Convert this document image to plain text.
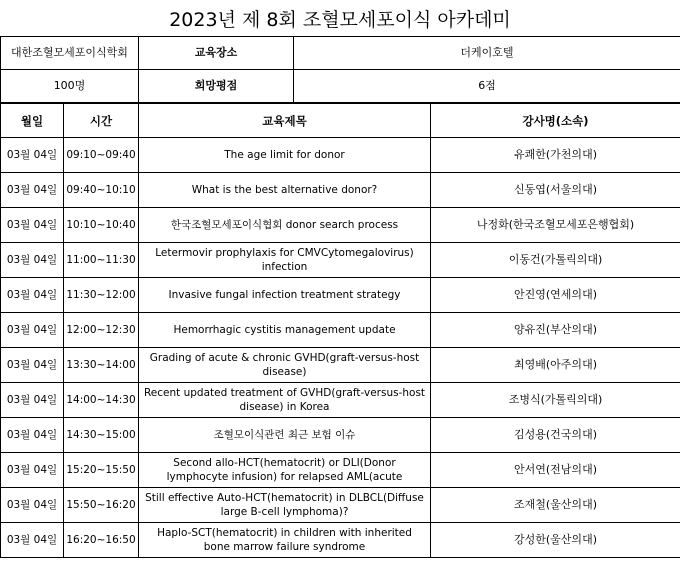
2023년 제 8회 조혈모세포이식 아카데미
대한조혈모세포이식학회	교육장소	더케이호텔
100명	희망평점	6점
월일	시간	교육제목	강사명(소속)
03월 04일	09:10~09:40	The age limit for donor	유쾌한(가천의대)
03월 04일	09:40~10:10	What is the best alternative donor?	신동엽(서울의대)
03월 04일	10:10~10:40	한국조혈모세포이식협회 donor search process	나정화(한국조혈모세포은행협회)
03월 04일	11:00~11:30	Letermovir prophylaxis for CMVCytomegalovirus) infection	이동건(가톨릭의대)
03월 04일	11:30~12:00	Invasive fungal infection treatment strategy	안진영(연세의대)
03월 04일	12:00~12:30	Hemorrhagic cystitis management update	양유진(부산의대)
03월 04일	13:30~14:00	Grading of acute & chronic GVHD(graft-versus-host disease)	최영배(아주의대)
03월 04일	14:00~14:30	Recent updated treatment of GVHD(graft-versus-host disease) in Korea	조병식(가톨릭의대)
03월 04일	14:30~15:00	조혈모이식관련 최근 보험 이슈	김성용(건국의대)
03월 04일	15:20~15:50	Second allo-HCT(hematocrit) or DLI(Donor lymphocyte infusion) for relapsed AML(acute	안서연(전남의대)
03월 04일	15:50~16:20	Still effective Auto-HCT(hematocrit) in DLBCL(Diffuse large B-cell lymphoma)?	조재철(울산의대)
03월 04일	16:20~16:50	Haplo-SCT(hematocrit) in children with inherited bone marrow failure syndrome	강성한(울산의대)
